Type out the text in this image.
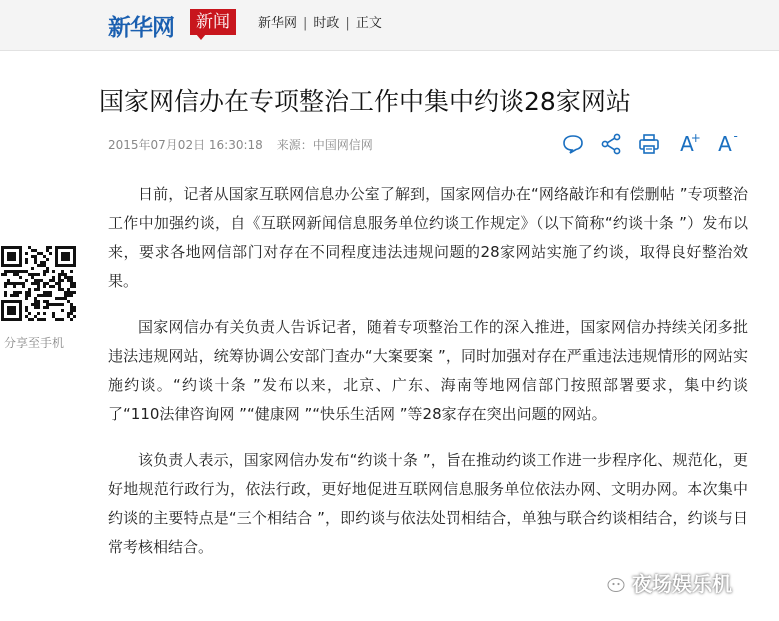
新华网	新闻	新华网 | 时政 | 正文
国家网信办在专项整治工作中集中约谈28家网站
2015年07月02日 16:30:18 来源：中国网信网	A
+ A -
分享至手机

日前，记者从国家互联网信息办公室了解到，国家网信办在“网络敲诈和有偿删帖 ”专项整治工作中加强约谈，自《互联网新闻信息服务单位约谈工作规定》（以下简称“约谈十条 ”）发布以来，要求各地网信部门对存在不同程度违法违规问题的28家网站实施了约谈，取得良好整治效果。

国家网信办有关负责人告诉记者，随着专项整治工作的深入推进，国家网信办持续关闭多批违法违规网站，统筹协调公安部门查办“大案要案 ”，同时加强对存在严重违法违规情形的网站实施约谈。“约谈十条 ”发布以来，北京、广东、海南等地网信部门按照部署要求，集中约谈了“110法律咨询网 ”“健康网 ”“快乐生活网 ”等28家存在突出问题的网站。

该负责人表示，国家网信办发布“约谈十条 ”，旨在推动约谈工作进一步程序化、规范化，更好地规范行政行为，依法行政，更好地促进互联网信息服务单位依法办网、文明办网。本次集中约谈的主要特点是“三个相结合 ”，即约谈与依法处罚相结合，单独与联合约谈相结合，约谈与日常考核相结合。

夜场娱乐机
